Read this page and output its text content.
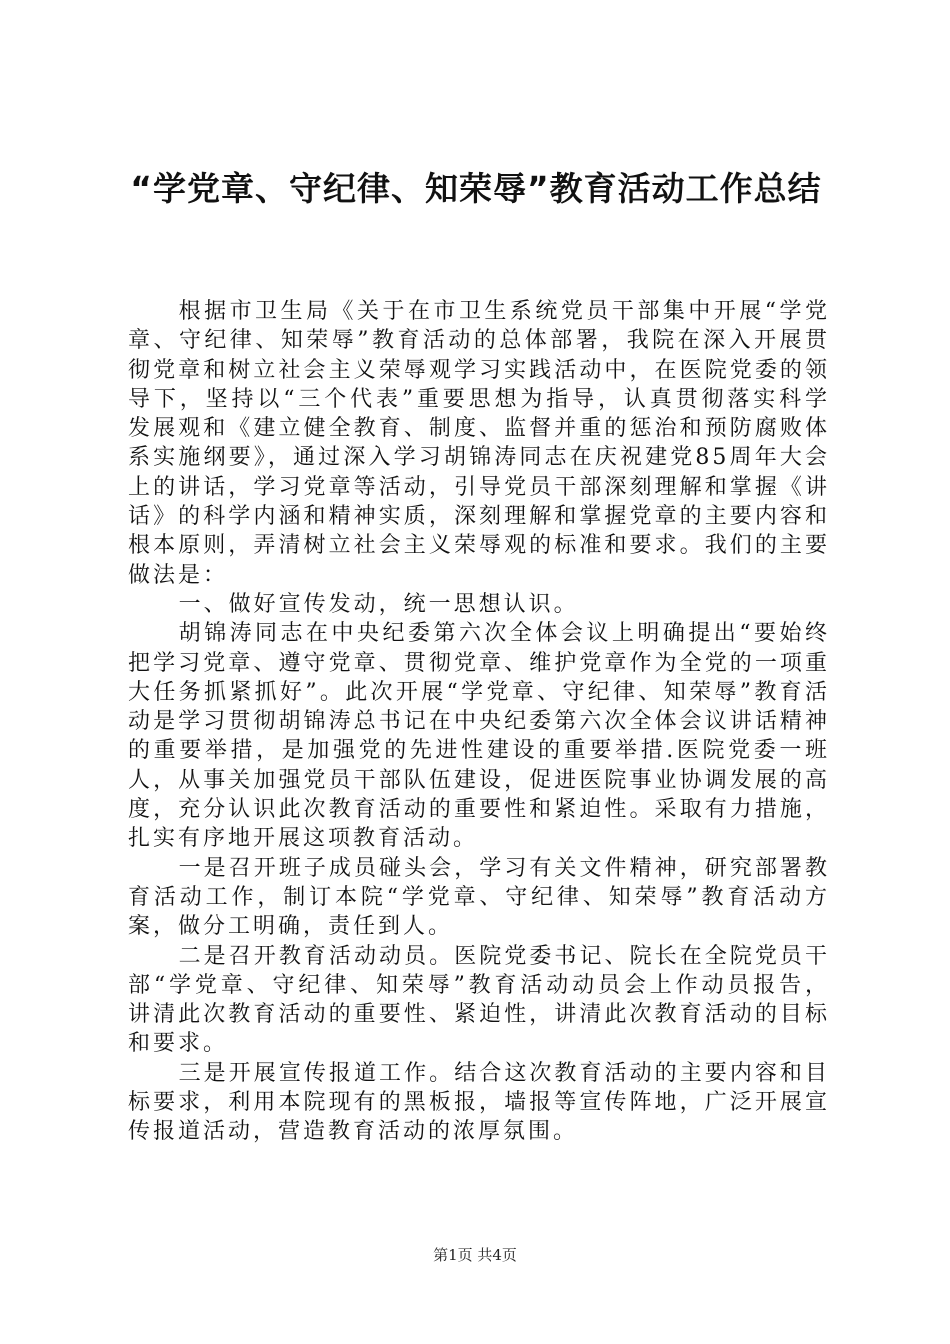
“学党章、守纪律、知荣辱”教育活动工作总结

根据市卫生局《关于在市卫生系统党员干部集中开展“学党章、守纪律、知荣辱”教育活动的总体部署，我院在深入开展贯彻党章和树立社会主义荣辱观学习实践活动中，在医院党委的领导下，坚持以“三个代表”重要思想为指导，认真贯彻落实科学发展观和《建立健全教育、制度、监督并重的惩治和预防腐败体系实施纲要》，通过深入学习胡锦涛同志在庆祝建党85周年大会上的讲话，学习党章等活动，引导党员干部深刻理解和掌握《讲话》的科学内涵和精神实质，深刻理解和掌握党章的主要内容和根本原则，弄清树立社会主义荣辱观的标准和要求。我们的主要做法是：

一、做好宣传发动，统一思想认识。

胡锦涛同志在中央纪委第六次全体会议上明确提出“要始终把学习党章、遵守党章、贯彻党章、维护党章作为全党的一项重大任务抓紧抓好”。此次开展“学党章、守纪律、知荣辱”教育活动是学习贯彻胡锦涛总书记在中央纪委第六次全体会议讲话精神的重要举措，是加强党的先进性建设的重要举措.医院党委一班人，从事关加强党员干部队伍建设，促进医院事业协调发展的高度，充分认识此次教育活动的重要性和紧迫性。采取有力措施，扎实有序地开展这项教育活动。

一是召开班子成员碰头会，学习有关文件精神，研究部署教育活动工作，制订本院“学党章、守纪律、知荣辱”教育活动方案，做分工明确，责任到人。

二是召开教育活动动员。医院党委书记、院长在全院党员干部“学党章、守纪律、知荣辱”教育活动动员会上作动员报告，讲清此次教育活动的重要性、紧迫性，讲清此次教育活动的目标和要求。

三是开展宣传报道工作。结合这次教育活动的主要内容和目标要求，利用本院现有的黑板报，墙报等宣传阵地，广泛开展宣传报道活动，营造教育活动的浓厚氛围。

第1页 共4页
